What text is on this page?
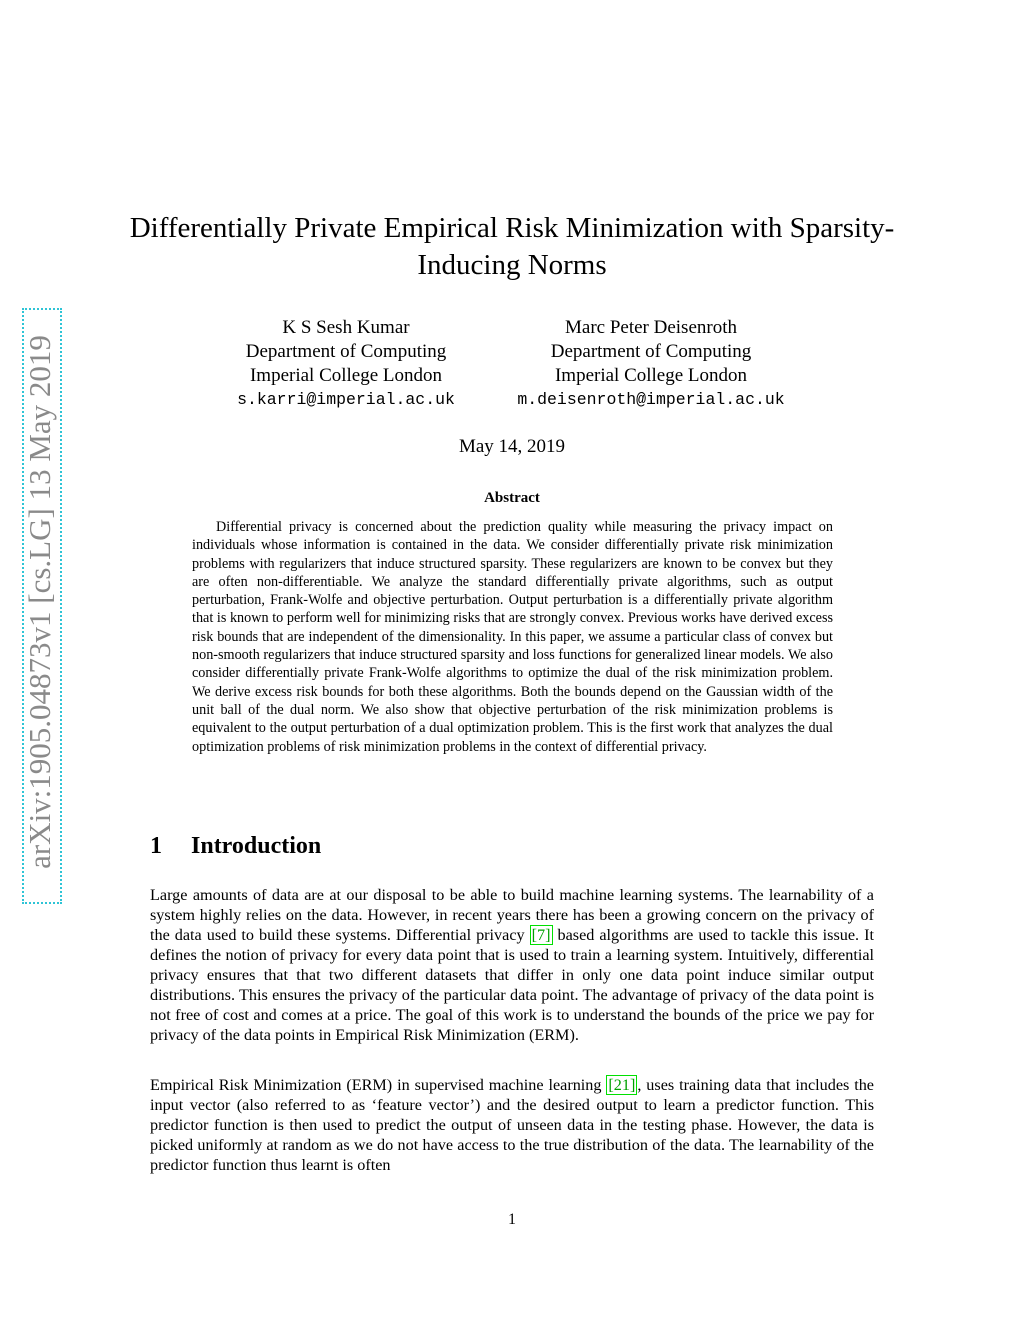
arXiv:1905.04873v1 [cs.LG] 13 May 2019
Differentially Private Empirical Risk Minimization with Sparsity-Inducing Norms
K S Sesh Kumar
Department of Computing
Imperial College London
s.karri@imperial.ac.uk
Marc Peter Deisenroth
Department of Computing
Imperial College London
m.deisenroth@imperial.ac.uk
May 14, 2019
Abstract

Differential privacy is concerned about the prediction quality while measuring the privacy impact on individuals whose information is contained in the data. We consider differentially private risk minimization problems with regularizers that induce structured sparsity. These regularizers are known to be convex but they are often non-differentiable. We analyze the standard differentially private algorithms, such as output perturbation, Frank-Wolfe and objective perturbation. Output perturbation is a differentially private algorithm that is known to perform well for minimizing risks that are strongly convex. Previous works have derived excess risk bounds that are independent of the dimensionality. In this paper, we assume a particular class of convex but non-smooth regularizers that induce structured sparsity and loss functions for generalized linear models. We also consider differentially private Frank-Wolfe algorithms to optimize the dual of the risk minimization problem. We derive excess risk bounds for both these algorithms. Both the bounds depend on the Gaussian width of the unit ball of the dual norm. We also show that objective perturbation of the risk minimization problems is equivalent to the output perturbation of a dual optimization problem. This is the first work that analyzes the dual optimization problems of risk minimization problems in the context of differential privacy.

1 Introduction

Large amounts of data are at our disposal to be able to build machine learning systems. The learnability of a system highly relies on the data. However, in recent years there has been a growing concern on the privacy of the data used to build these systems. Differential privacy [7] based algorithms are used to tackle this issue. It defines the notion of privacy for every data point that is used to train a learning system. Intuitively, differential privacy ensures that that two different datasets that differ in only one data point induce similar output distributions. This ensures the privacy of the particular data point. The advantage of privacy of the data point is not free of cost and comes at a price. The goal of this work is to understand the bounds of the price we pay for privacy of the data points in Empirical Risk Minimization (ERM).

Empirical Risk Minimization (ERM) in supervised machine learning [21] , uses training data that includes the input vector (also referred to as ‘feature vector’) and the desired output to learn a predictor function. This predictor function is then used to predict the output of unseen data in the testing phase. However, the data is picked uniformly at random as we do not have access to the true distribution of the data. The learnability of the predictor function thus learnt is often

1
